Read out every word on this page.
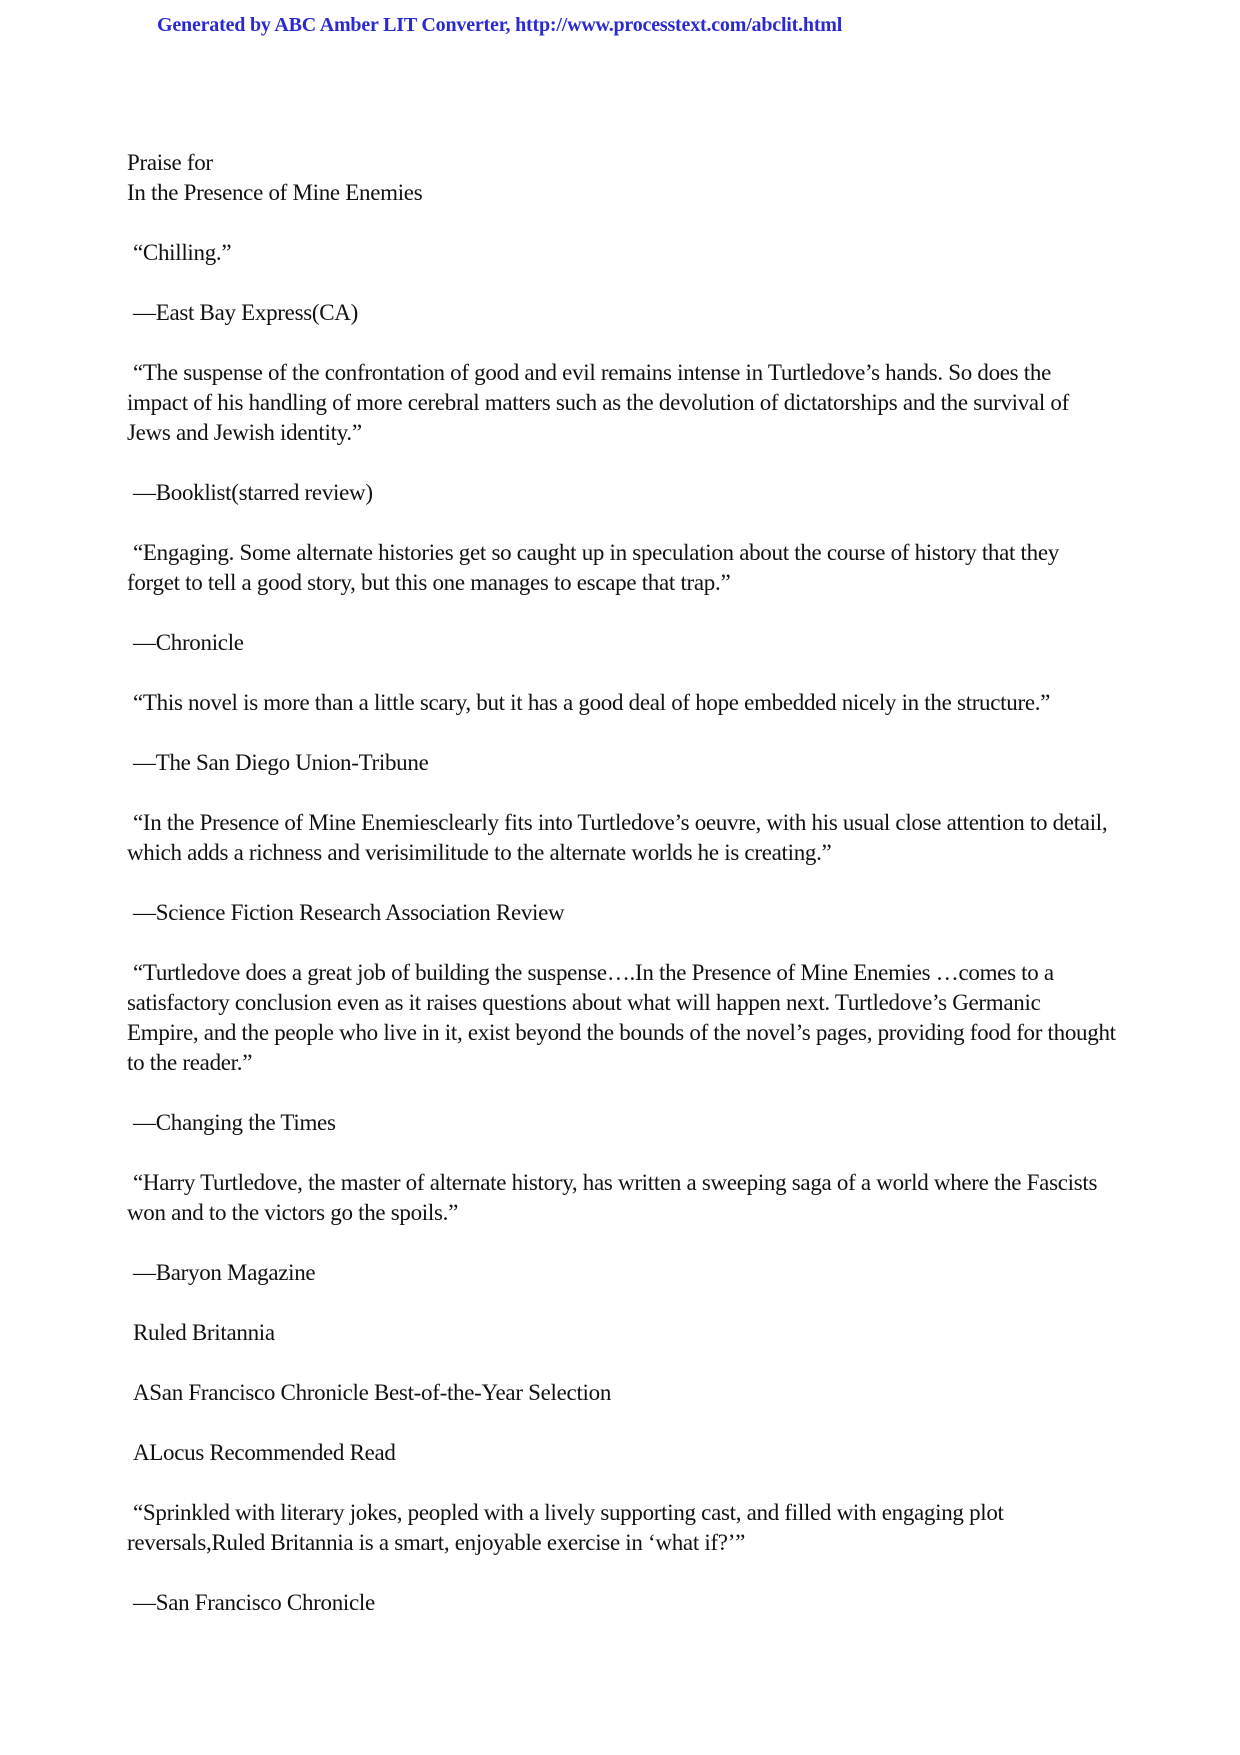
Generated by ABC Amber LIT Converter, http://www.processtext.com/abclit.html
Praise for
In the Presence of Mine Enemies
“Chilling.”
—East Bay Express(CA)
“The suspense of the confrontation of good and evil remains intense in Turtledove’s hands. So does the impact of his handling of more cerebral matters such as the devolution of dictatorships and the survival of Jews and Jewish identity.”
—Booklist(starred review)
“Engaging. Some alternate histories get so caught up in speculation about the course of history that they forget to tell a good story, but this one manages to escape that trap.”
—Chronicle
“This novel is more than a little scary, but it has a good deal of hope embedded nicely in the structure.”
—The San Diego Union-Tribune
“In the Presence of Mine Enemiesclearly fits into Turtledove’s oeuvre, with his usual close attention to detail, which adds a richness and verisimilitude to the alternate worlds he is creating.”
—Science Fiction Research Association Review
“Turtledove does a great job of building the suspense….In the Presence of Mine Enemies …comes to a satisfactory conclusion even as it raises questions about what will happen next. Turtledove’s Germanic Empire, and the people who live in it, exist beyond the bounds of the novel’s pages, providing food for thought to the reader.”
—Changing the Times
“Harry Turtledove, the master of alternate history, has written a sweeping saga of a world where the Fascists won and to the victors go the spoils.”
—Baryon Magazine
Ruled Britannia
ASan Francisco Chronicle Best-of-the-Year Selection
ALocus Recommended Read
“Sprinkled with literary jokes, peopled with a lively supporting cast, and filled with engaging plot reversals,Ruled Britannia is a smart, enjoyable exercise in ‘what if?’”
—San Francisco Chronicle
